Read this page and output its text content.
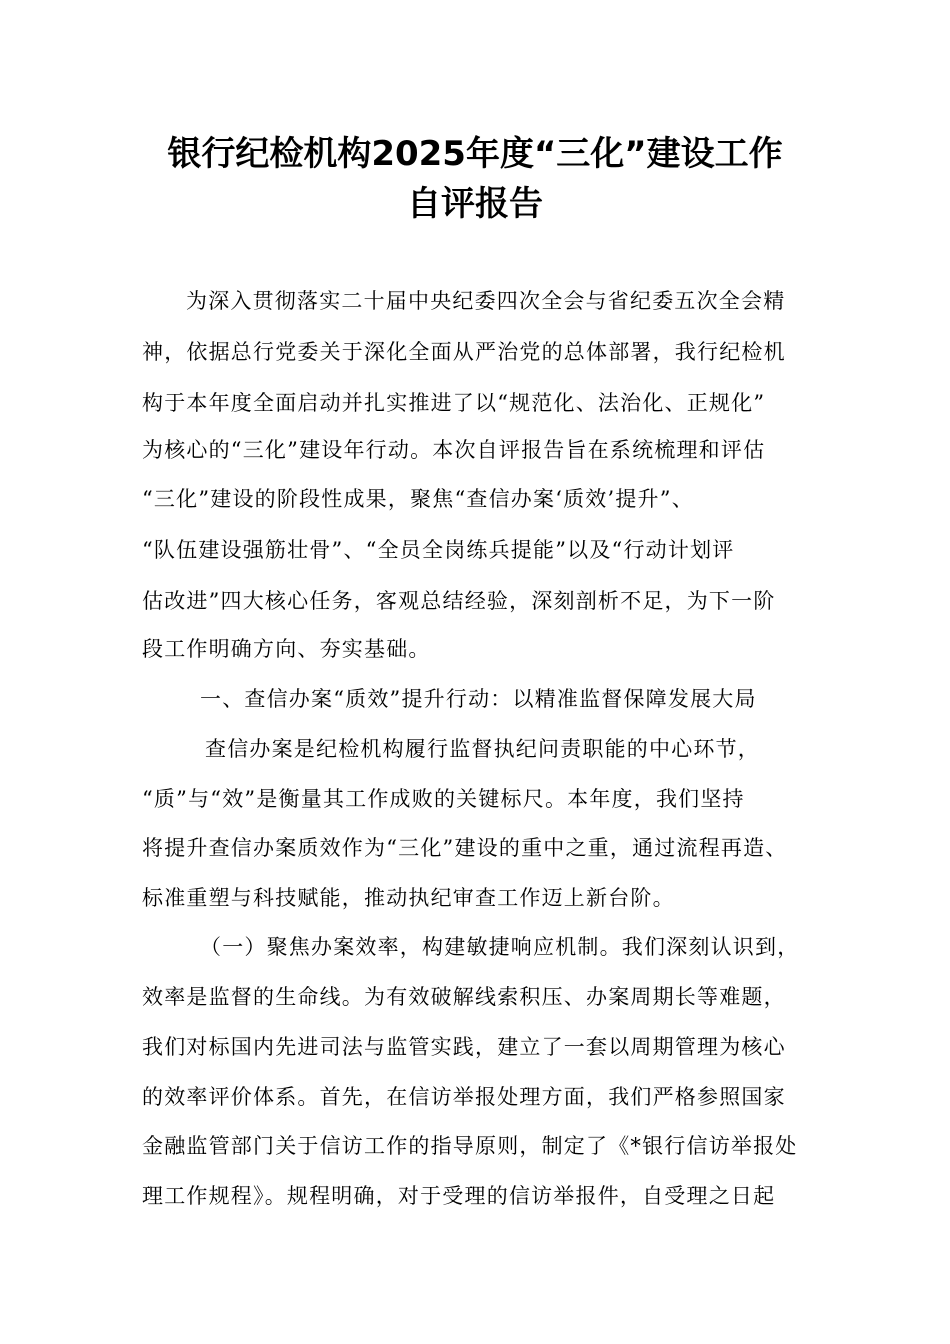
银行纪检机构2025年度“三化”建设工作
自评报告

为深入贯彻落实二十届中央纪委四次全会与省纪委五次全会精

神，依据总行党委关于深化全面从严治党的总体部署，我行纪检机

构于本年度全面启动并扎实推进了以“规范化、法治化、正规化”

为核心的“三化”建设年行动。本次自评报告旨在系统梳理和评估

“三化”建设的阶段性成果，聚焦“查信办案‘质效’提升”、

“队伍建设强筋壮骨”、“全员全岗练兵提能”以及“行动计划评

估改进”四大核心任务，客观总结经验，深刻剖析不足，为下一阶

段工作明确方向、夯实基础。

一、查信办案“质效”提升行动：以精准监督保障发展大局

查信办案是纪检机构履行监督执纪问责职能的中心环节，

“质”与“效”是衡量其工作成败的关键标尺。本年度，我们坚持

将提升查信办案质效作为“三化”建设的重中之重，通过流程再造、

标准重塑与科技赋能，推动执纪审查工作迈上新台阶。

（一）聚焦办案效率，构建敏捷响应机制。我们深刻认识到，

效率是监督的生命线。为有效破解线索积压、办案周期长等难题，

我们对标国内先进司法与监管实践，建立了一套以周期管理为核心

的效率评价体系。首先，在信访举报处理方面，我们严格参照国家

金融监管部门关于信访工作的指导原则，制定了《*银行信访举报处

理工作规程》。规程明确，对于受理的信访举报件，自受理之日起
